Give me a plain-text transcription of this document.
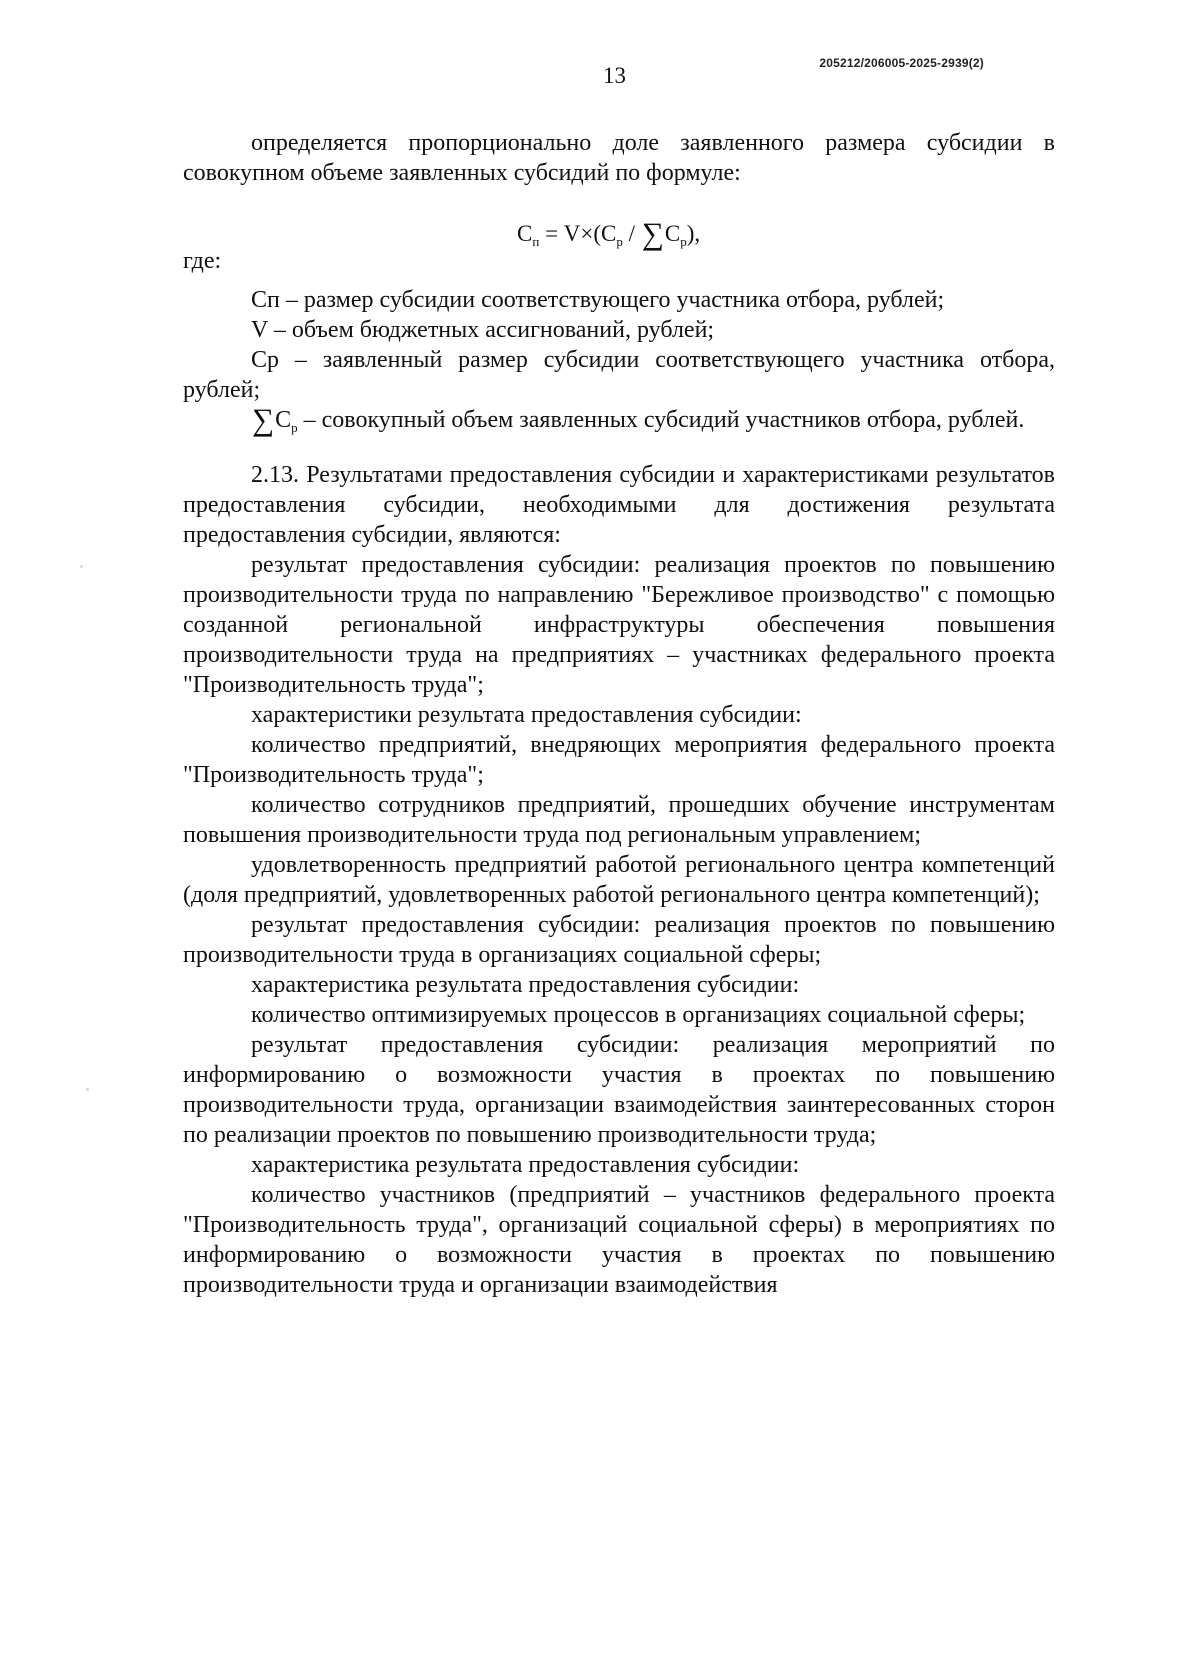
13	205212/206005-2025-2939(2)

определяется пропорционально доле заявленного размера субсидии в совокупном объеме заявленных субсидий по формуле:

$C_п = V\times(C_р / \sum C_р)$,

где:

Сп – размер субсидии соответствующего участника отбора, рублей;

V – объем бюджетных ассигнований, рублей;

Ср – заявленный размер субсидии соответствующего участника отбора, рублей;

$\sum C_р$ – совокупный объем заявленных субсидий участников отбора, рублей.

2.13. Результатами предоставления субсидии и характеристиками результатов предоставления субсидии, необходимыми для достижения результата предоставления субсидии, являются:

результат предоставления субсидии: реализация проектов по повышению производительности труда по направлению "Бережливое производство" с помощью созданной региональной инфраструктуры обеспечения повышения производительности труда на предприятиях – участниках федерального проекта "Производительность труда";

характеристики результата предоставления субсидии:

количество предприятий, внедряющих мероприятия федерального проекта "Производительность труда";

количество сотрудников предприятий, прошедших обучение инструментам повышения производительности труда под региональным управлением;

удовлетворенность предприятий работой регионального центра компетенций (доля предприятий, удовлетворенных работой регионального центра компетенций);

результат предоставления субсидии: реализация проектов по повышению производительности труда в организациях социальной сферы;

характеристика результата предоставления субсидии:

количество оптимизируемых процессов в организациях социальной сферы;

результат предоставления субсидии: реализация мероприятий по информированию о возможности участия в проектах по повышению производительности труда, организации взаимодействия заинтересованных сторон по реализации проектов по повышению производительности труда;

характеристика результата предоставления субсидии:

количество участников (предприятий – участников федерального проекта "Производительность труда", организаций социальной сферы) в мероприятиях по информированию о возможности участия в проектах по повышению производительности труда и организации взаимодействия
